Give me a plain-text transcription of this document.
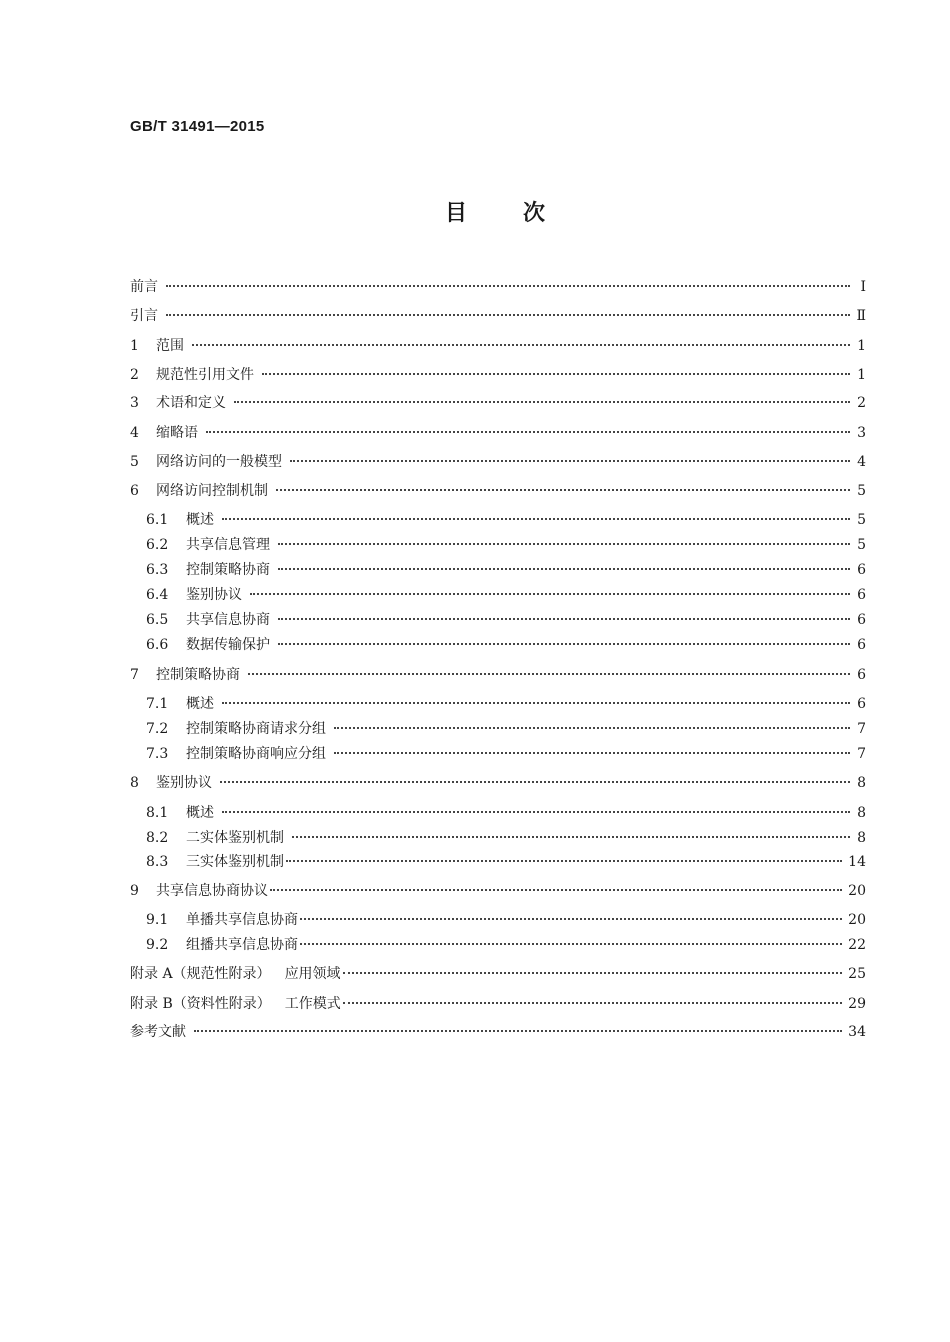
GB/T 31491—2015
目	次
前言	Ⅰ
引言	Ⅱ
1	范围	1
2	规范性引用文件	1
3	术语和定义	2
4	缩略语	3
5	网络访问的一般模型	4
6	网络访问控制机制	5
6.1	概述	5
6.2	共享信息管理	5
6.3	控制策略协商	6
6.4	鉴别协议	6
6.5	共享信息协商	6
6.6	数据传输保护	6
7	控制策略协商	6
7.1	概述	6
7.2	控制策略协商请求分组	7
7.3	控制策略协商响应分组	7
8	鉴别协议	8
8.1	概述	8
8.2	二实体鉴别机制	8
8.3	三实体鉴别机制	14
9	共享信息协商协议	20
9.1	单播共享信息协商	20
9.2	组播共享信息协商	22
附录 A（规范性附录） 应用领域	25
附录 B（资料性附录） 工作模式	29
参考文献	34
